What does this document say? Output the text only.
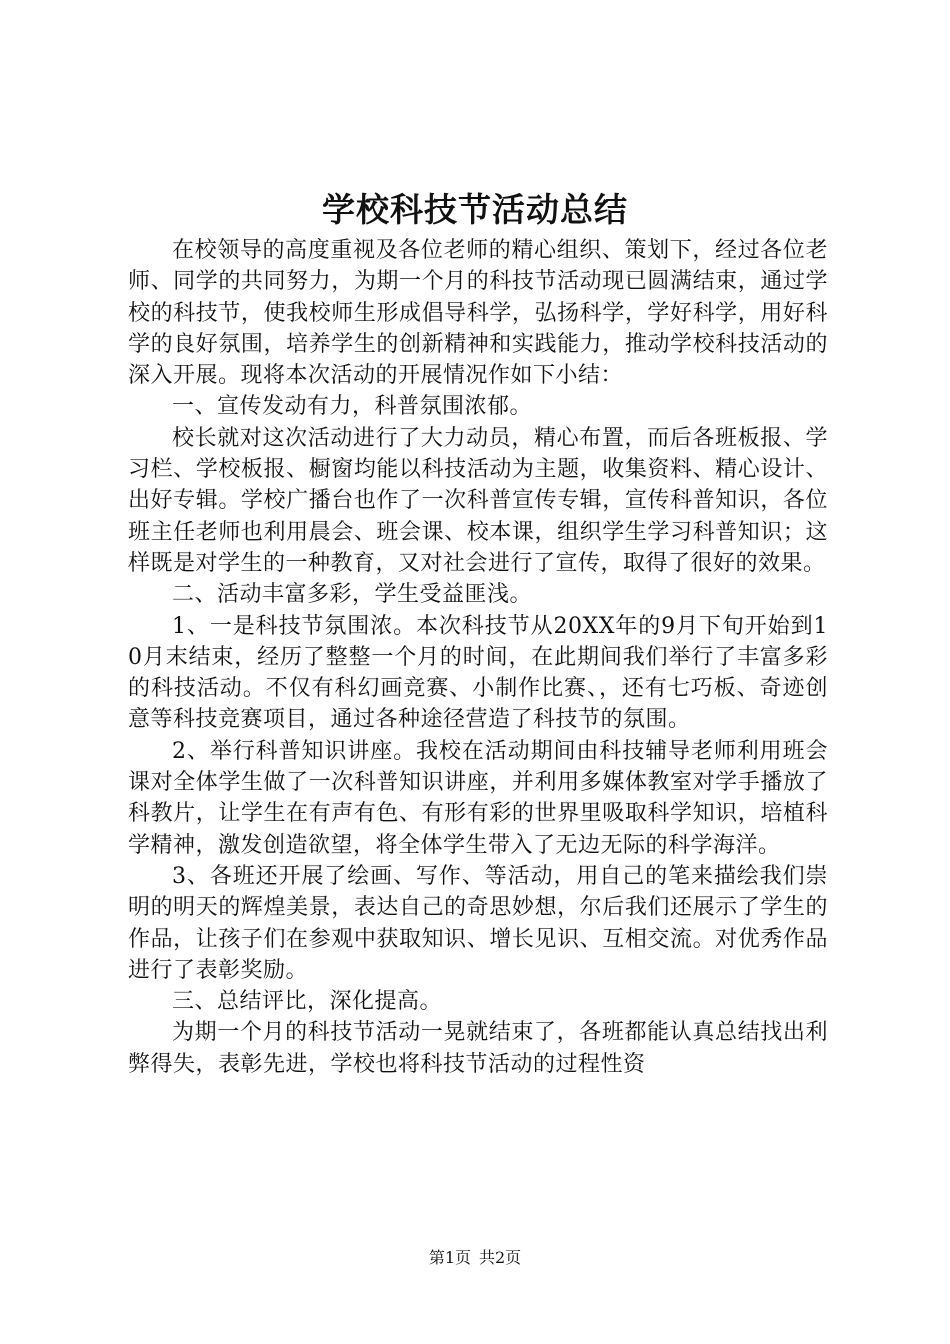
学校科技节活动总结

在校领导的高度重视及各位老师的精心组织、策划下，经过各位老师、同学的共同努力，为期一个月的科技节活动现已圆满结束，通过学校的科技节，使我校师生形成倡导科学，弘扬科学，学好科学，用好科学的良好氛围，培养学生的创新精神和实践能力，推动学校科技活动的深入开展。现将本次活动的开展情况作如下小结：

一、宣传发动有力，科普氛围浓郁。

校长就对这次活动进行了大力动员，精心布置，而后各班板报、学习栏、学校板报、橱窗均能以科技活动为主题，收集资料、精心设计、出好专辑。学校广播台也作了一次科普宣传专辑，宣传科普知识，各位班主任老师也利用晨会、班会课、校本课，组织学生学习科普知识；这样既是对学生的一种教育，又对社会进行了宣传，取得了很好的效果。

二、活动丰富多彩，学生受益匪浅。

1、一是科技节氛围浓。本次科技节从20XX年的9月下旬开始到10月末结束，经历了整整一个月的时间，在此期间我们举行了丰富多彩的科技活动。不仅有科幻画竞赛、小制作比赛、，还有七巧板、奇迹创意等科技竞赛项目，通过各种途径营造了科技节的氛围。

2、举行科普知识讲座。我校在活动期间由科技辅导老师利用班会课对全体学生做了一次科普知识讲座，并利用多媒体教室对学手播放了科教片，让学生在有声有色、有形有彩的世界里吸取科学知识，培植科学精神，激发创造欲望，将全体学生带入了无边无际的科学海洋。

3、各班还开展了绘画、写作、等活动，用自己的笔来描绘我们崇明的明天的辉煌美景，表达自己的奇思妙想，尔后我们还展示了学生的作品，让孩子们在参观中获取知识、增长见识、互相交流。对优秀作品进行了表彰奖励。

三、总结评比，深化提高。

为期一个月的科技节活动一晃就结束了，各班都能认真总结找出利弊得失，表彰先进，学校也将科技节活动的过程性资

第1页 共2页
